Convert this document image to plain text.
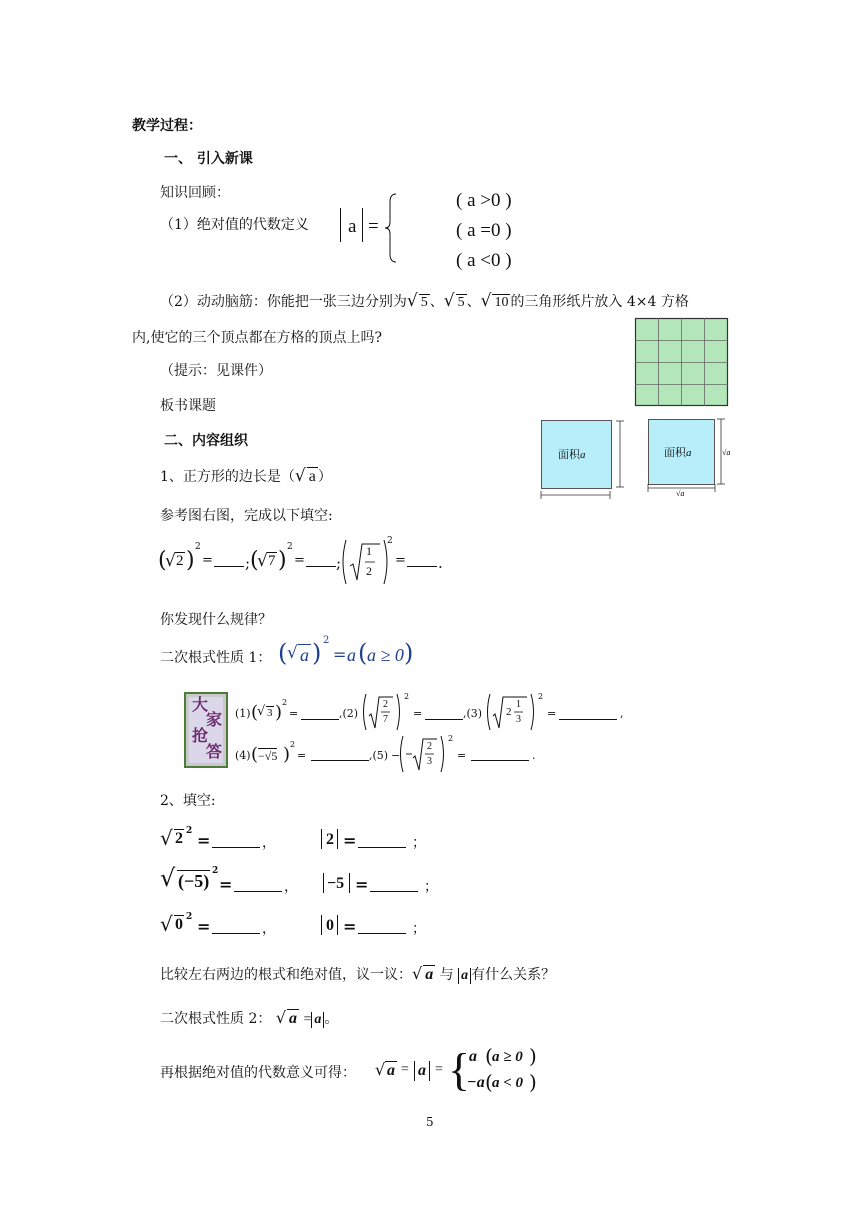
教学过程：
一、 引入新课
知识回顾：
（1）绝对值的代数定义 a =
( a >0 )
( a =0 )
( a <0 )
（2）动动脑筋：你能把一张三边分别为√ 5 、√ 5 、√ 10 的三角形纸片放入 4×4 方格
内,使它的三个顶点都在方格的顶点上吗?
（提示：见课件）
板书课题
二、内容组织
面积a	面积a	√a
√a
1、正方形的边长是（√ a ）
参考图右图，完成以下填空:
(
√ 2 )
2
= ; (
√ 7 )
2
= ;
1
2
2
= .
你发现什么规律？
二次根式性质 1： ( √ a ) 2
= a ( a ≥ 0 )
大
家
抢
答
(1) (
√ 3 ) 2
=	,(2)
2
7
2
=	,(3) 2
1
3
2
=	,
(4) ( −√5 ) 2
=	,(5) −
2
3
2
=	.
2、填空:
√ 2 2 =	，	2 =	；
√ (−5) 2
=	， −5 =	；
√ 0 2 =	，	0 =	；
比较左右两边的根式和绝对值，议一议：√ a 与 a 有什么关系？
二次根式性质 2： √ a = a 。
再根据绝对值的代数意义可得： √ a = a = {
a ( a ≥ 0 )
−a ( a < 0 )
5
